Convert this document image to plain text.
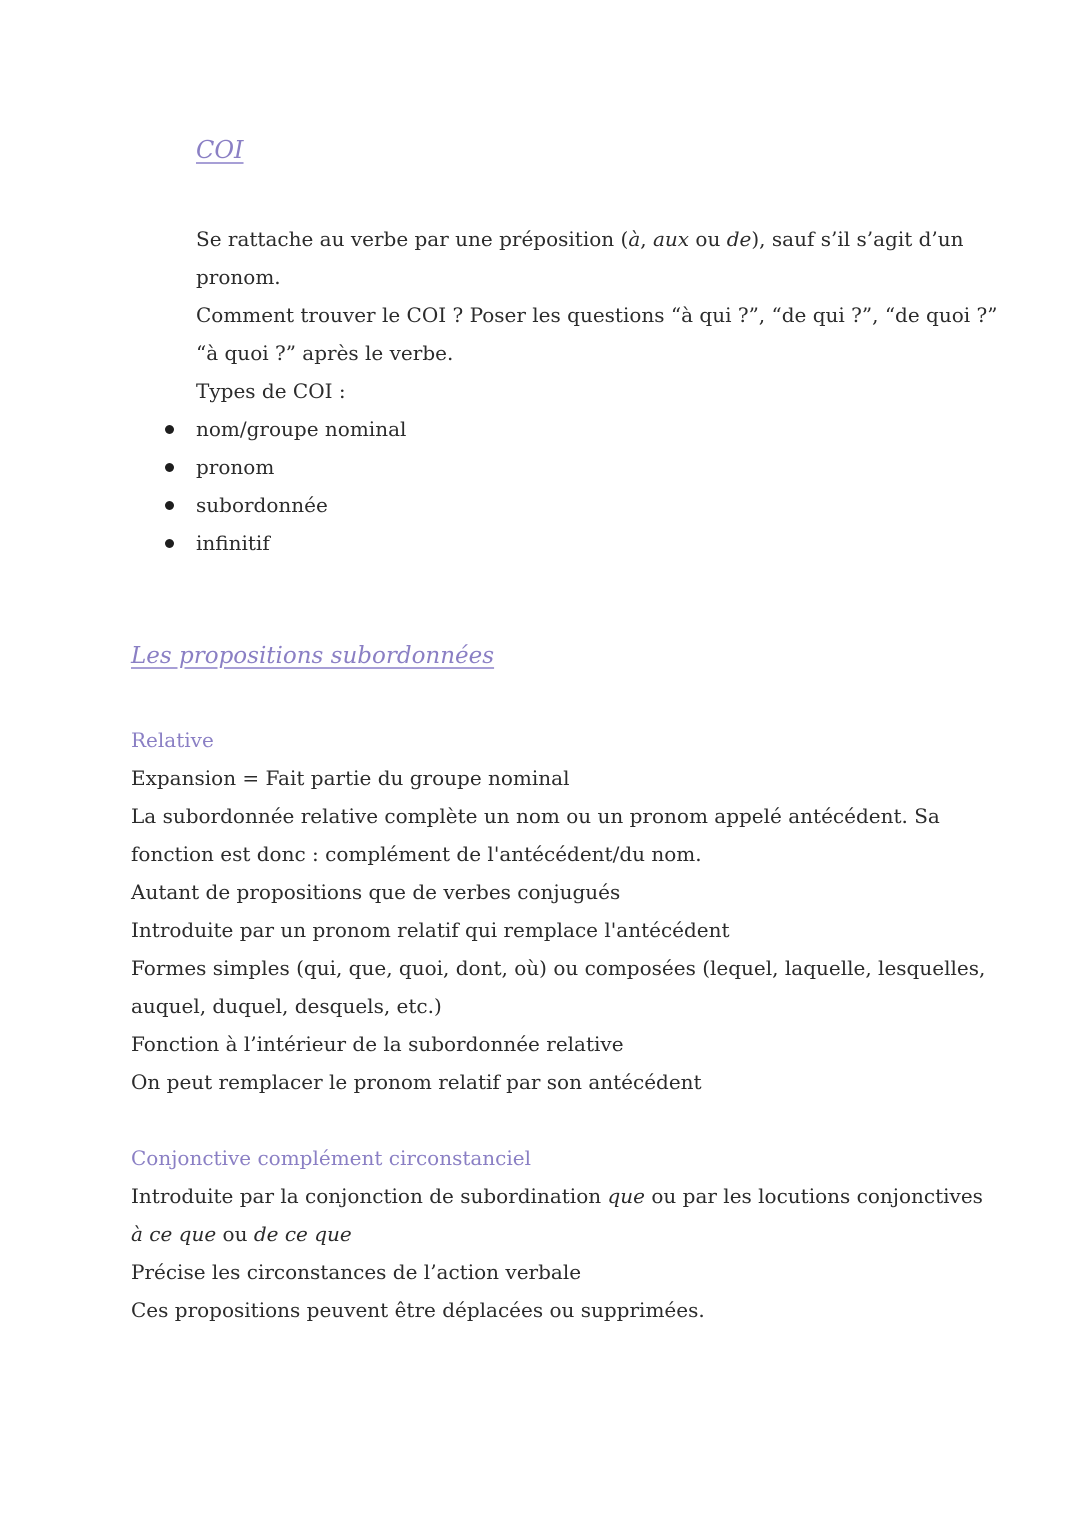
COI
Se rattache au verbe par une préposition (à, aux ou de), sauf s’il s’agit d’un
pronom.
Comment trouver le COI ? Poser les questions “à qui ?”, “de qui ?”, “de quoi ?”
“à quoi ?” après le verbe.
Types de COI :
nom/groupe nominal
pronom
subordonnée
infinitif
Les propositions subordonnées
Relative
Expansion = Fait partie du groupe nominal
La subordonnée relative complète un nom ou un pronom appelé antécédent. Sa
fonction est donc : complément de l'antécédent/du nom.
Autant de propositions que de verbes conjugués
Introduite par un pronom relatif qui remplace l'antécédent
Formes simples (qui, que, quoi, dont, où) ou composées (lequel, laquelle, lesquelles,
auquel, duquel, desquels, etc.)
Fonction à l’intérieur de la subordonnée relative
On peut remplacer le pronom relatif par son antécédent
Conjonctive complément circonstanciel
Introduite par la conjonction de subordination que ou par les locutions conjonctives
à ce que ou de ce que
Précise les circonstances de l’action verbale
Ces propositions peuvent être déplacées ou supprimées.
